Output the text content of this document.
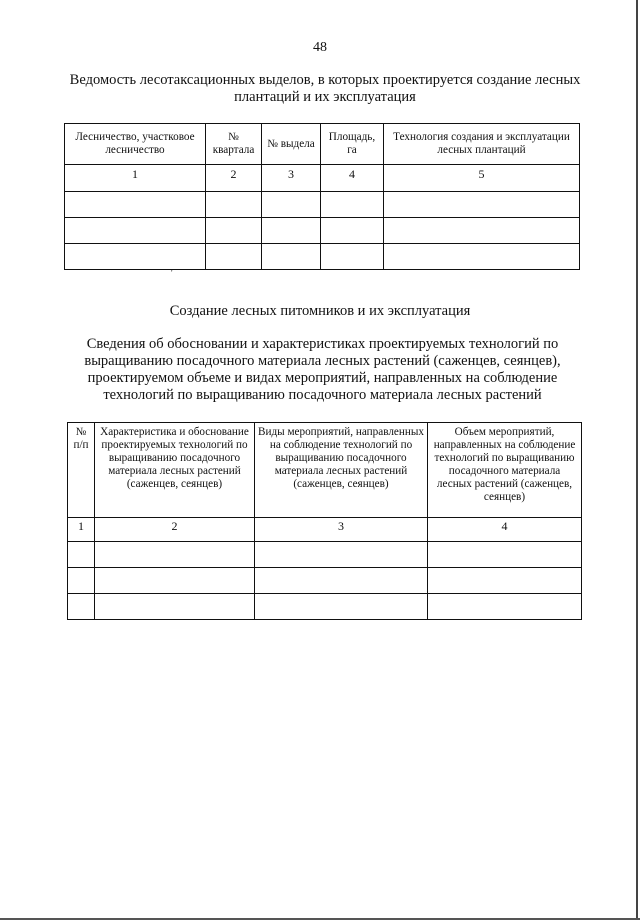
48
Ведомость лесотаксационных выделов, в которых проектируется создание лесных плантаций и их эксплуатация
Лесничество, участковое лесничество	№ квартала	№ выдела	Площадь, га	Технология создания и эксплуатации лесных плантаций
1	2	3	4	5

'
Создание лесных питомников и их эксплуатация
Сведения об обосновании и характеристиках проектируемых технологий по выращиванию посадочного материала лесных растений (саженцев, сеянцев), проектируемом объеме и видах мероприятий, направленных на соблюдение технологий по выращиванию посадочного материала лесных растений
№ п/п	Характеристика и обоснование проектируемых технологий по выращиванию посадочного материала лесных растений (саженцев, сеянцев)	Виды мероприятий, направленных на соблюдение технологий по выращиванию посадочного материала лесных растений (саженцев, сеянцев)	Объем мероприятий, направленных на соблюдение технологий по выращиванию посадочного материала лесных растений (саженцев, сеянцев)
1	2	3	4
